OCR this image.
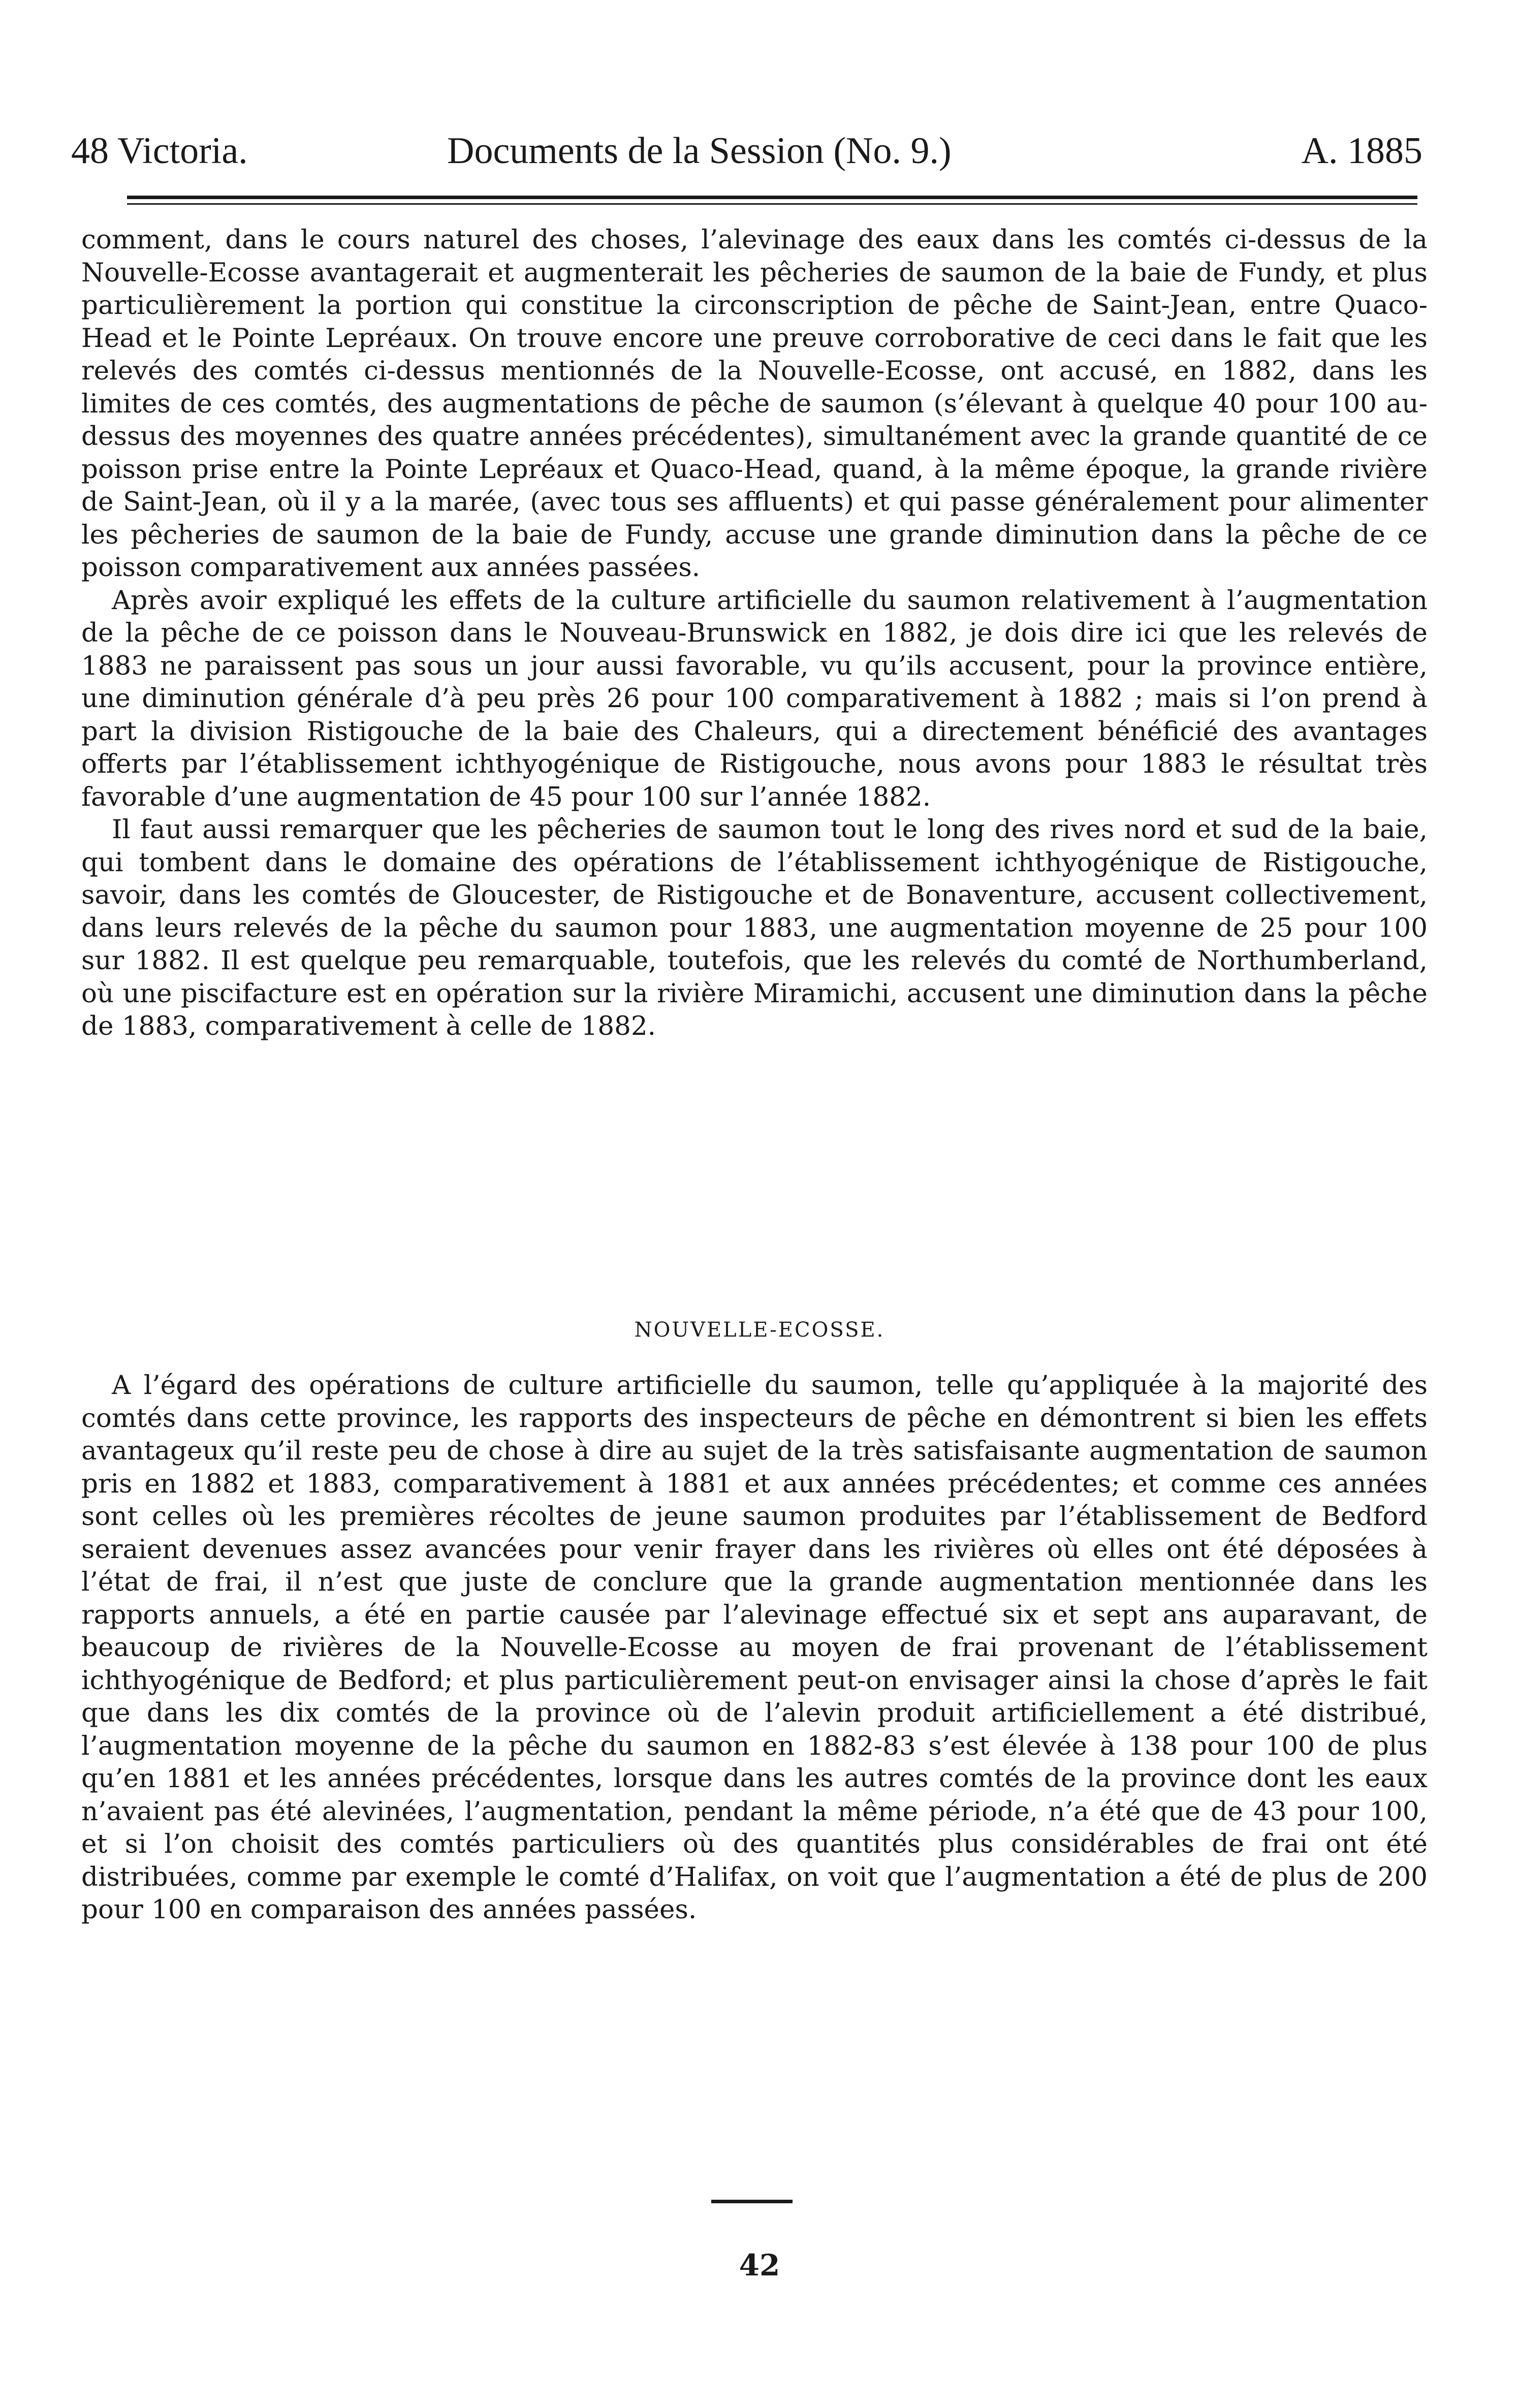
48 Victoria.	Documents de la Session (No. 9.)	A. 1885

comment, dans le cours naturel des choses, l’alevinage des eaux dans les comtés ci-dessus de la Nouvelle-Ecosse avantagerait et augmenterait les pêcheries de saumon de la baie de Fundy, et plus particulièrement la portion qui constitue la circonscription de pêche de Saint-Jean, entre Quaco-Head et le Pointe Lepréaux. On trouve encore une preuve corroborative de ceci dans le fait que les relevés des comtés ci-dessus mentionnés de la Nouvelle-Ecosse, ont accusé, en 1882, dans les limites de ces comtés, des augmentations de pêche de saumon (s’élevant à quelque 40 pour 100 au-dessus des moyennes des quatre années précédentes), simultanément avec la grande quantité de ce poisson prise entre la Pointe Lepréaux et Quaco-Head, quand, à la même époque, la grande rivière de Saint-Jean, où il y a la marée, (avec tous ses affluents) et qui passe généralement pour alimenter les pêcheries de saumon de la baie de Fundy, accuse une grande diminution dans la pêche de ce poisson comparativement aux années passées.

Après avoir expliqué les effets de la culture artificielle du saumon relativement à l’augmentation de la pêche de ce poisson dans le Nouveau-Brunswick en 1882, je dois dire ici que les relevés de 1883 ne paraissent pas sous un jour aussi favorable, vu qu’ils accusent, pour la province entière, une diminution générale d’à peu près 26 pour 100 comparativement à 1882 ; mais si l’on prend à part la division Ristigouche de la baie des Chaleurs, qui a directement bénéficié des avantages offerts par l’établissement ichthyogénique de Ristigouche, nous avons pour 1883 le résultat très favorable d’une augmentation de 45 pour 100 sur l’année 1882.

Il faut aussi remarquer que les pêcheries de saumon tout le long des rives nord et sud de la baie, qui tombent dans le domaine des opérations de l’établissement ichthyogénique de Ristigouche, savoir, dans les comtés de Gloucester, de Ristigouche et de Bonaventure, accusent collectivement, dans leurs relevés de la pêche du saumon pour 1883, une augmentation moyenne de 25 pour 100 sur 1882. Il est quelque peu remarquable, toutefois, que les relevés du comté de Northumberland, où une piscifacture est en opération sur la rivière Miramichi, accusent une diminution dans la pêche de 1883, comparativement à celle de 1882.

NOUVELLE-ECOSSE.

A l’égard des opérations de culture artificielle du saumon, telle qu’appliquée à la majorité des comtés dans cette province, les rapports des inspecteurs de pêche en démontrent si bien les effets avantageux qu’il reste peu de chose à dire au sujet de la très satisfaisante augmentation de saumon pris en 1882 et 1883, comparativement à 1881 et aux années précédentes; et comme ces années sont celles où les premières récoltes de jeune saumon produites par l’établissement de Bedford seraient devenues assez avancées pour venir frayer dans les rivières où elles ont été déposées à l’état de frai, il n’est que juste de conclure que la grande augmentation mentionnée dans les rapports annuels, a été en partie causée par l’alevinage effectué six et sept ans auparavant, de beaucoup de rivières de la Nouvelle-Ecosse au moyen de frai provenant de l’établissement ichthyogénique de Bedford; et plus particulièrement peut-on envisager ainsi la chose d’après le fait que dans les dix comtés de la province où de l’alevin produit artificiellement a été distribué, l’augmentation moyenne de la pêche du saumon en 1882-83 s’est élevée à 138 pour 100 de plus qu’en 1881 et les années précédentes, lorsque dans les autres comtés de la province dont les eaux n’avaient pas été alevinées, l’augmentation, pendant la même période, n’a été que de 43 pour 100, et si l’on choisit des comtés particuliers où des quantités plus considérables de frai ont été distribuées, comme par exemple le comté d’Halifax, on voit que l’augmentation a été de plus de 200 pour 100 en comparaison des années passées.

42
